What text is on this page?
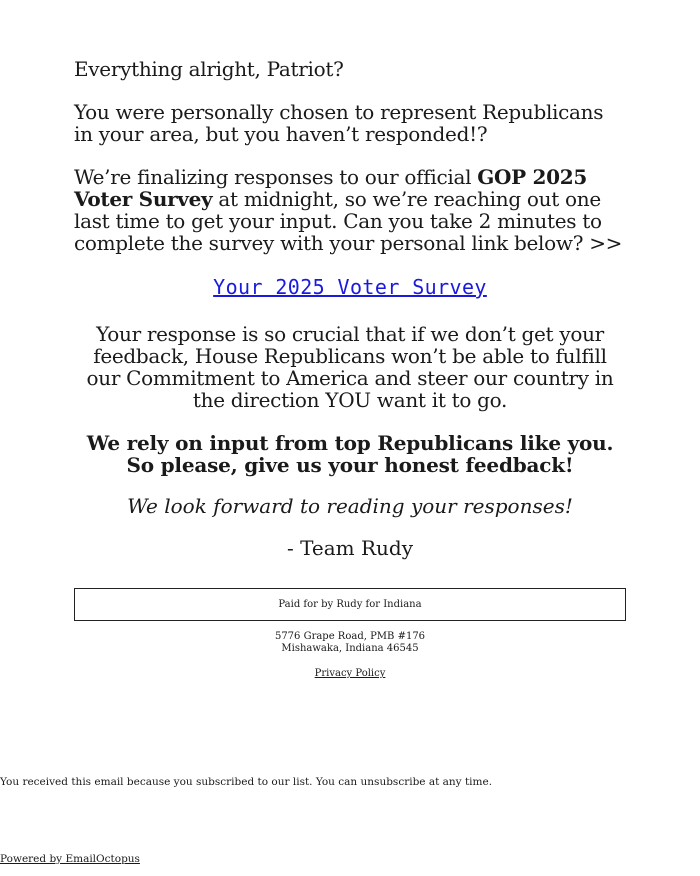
Everything alright, Patriot?

You were personally chosen to represent Republicans in your area, but you haven’t responded!?

We’re finalizing responses to our official GOP 2025 Voter Survey at midnight, so we’re reaching out one last time to get your input. Can you take 2 minutes to complete the survey with your personal link below? >>

Your 2025 Voter Survey

Your response is so crucial that if we don’t get your feedback, House Republicans won’t be able to fulfill our Commitment to America and steer our country in the direction YOU want it to go.

We rely on input from top Republicans like you. So please, give us your honest feedback!

We look forward to reading your responses!

- Team Rudy

Paid for by Rudy for Indiana
5776 Grape Road, PMB #176
Mishawaka, Indiana 46545
Privacy Policy
You received this email because you subscribed to our list. You can unsubscribe at any time.
Powered by EmailOctopus
